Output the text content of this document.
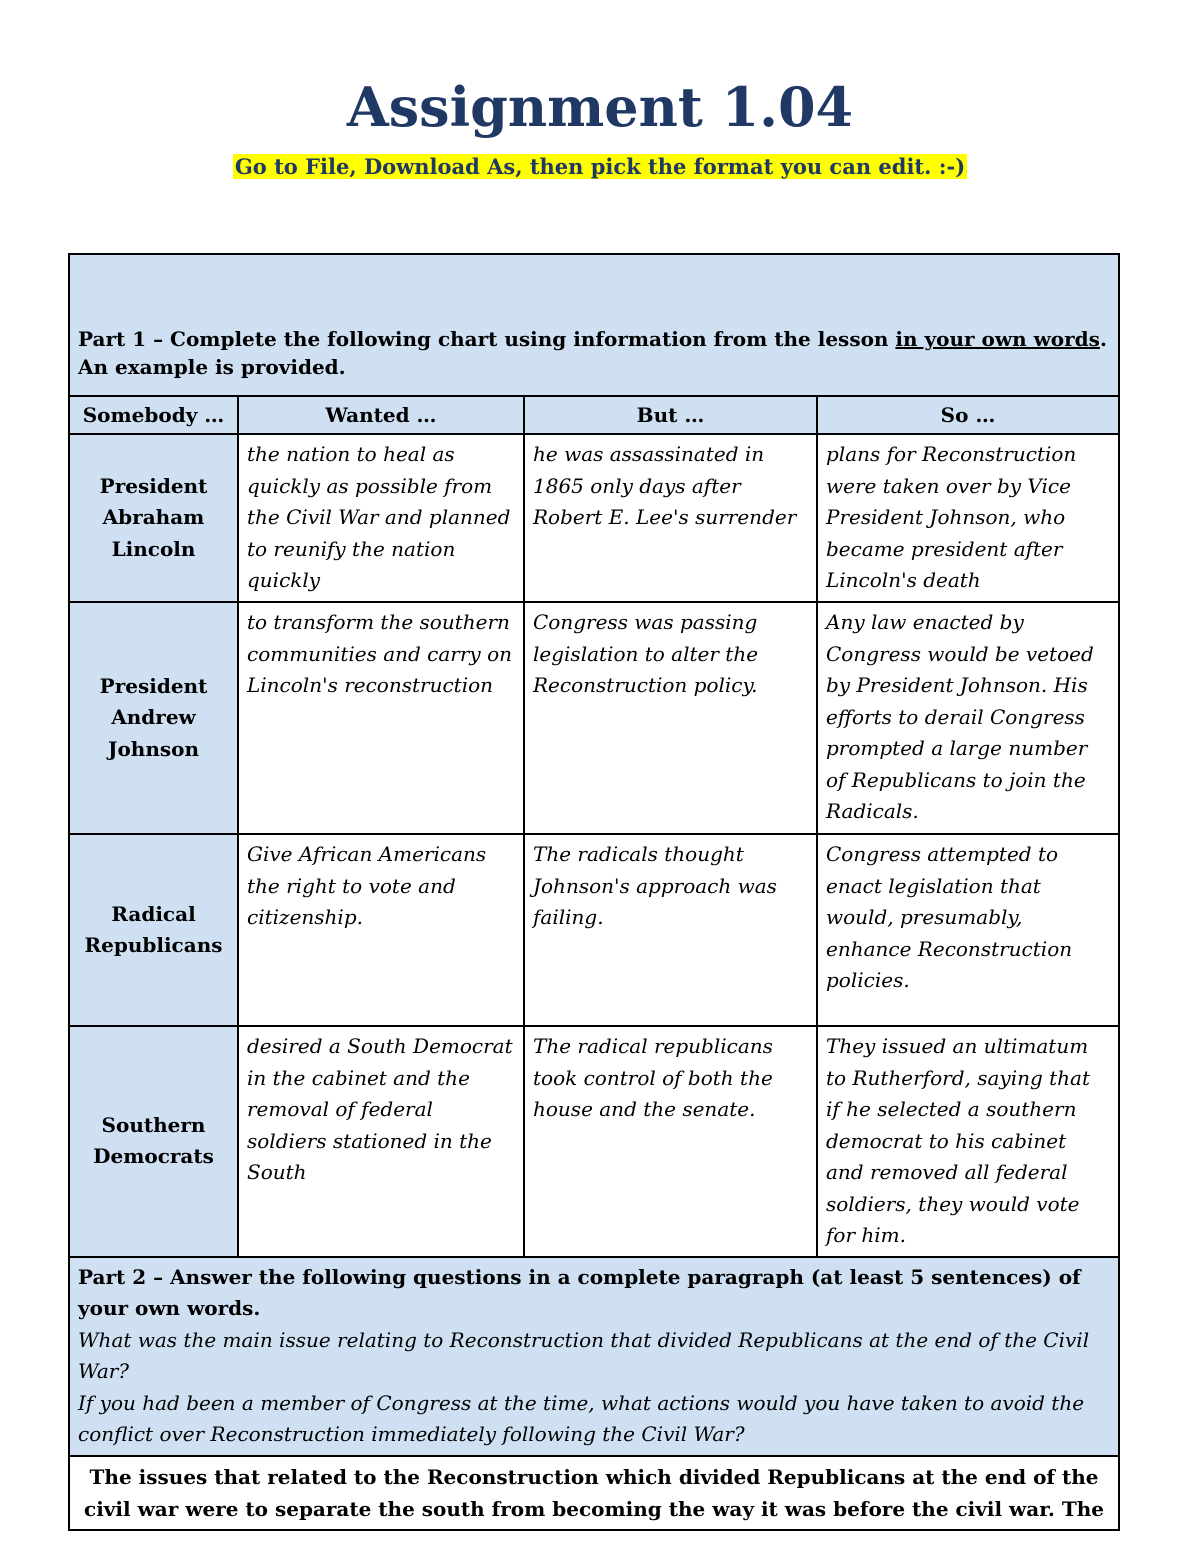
Assignment 1.04
Go to File, Download As, then pick the format you can edit. :-)
Part 1 – Complete the following chart using information from the lesson in your own words. An example is provided.			
Somebody …	Wanted …	But …	So …
President Abraham Lincoln	the nation to heal as quickly as possible from the Civil War and planned to reunify the nation quickly	he was assassinated in 1865 only days after Robert E. Lee's surrender	plans for Reconstruction were taken over by Vice President Johnson, who became president after Lincoln's death
President Andrew Johnson	to transform the southern communities and carry on Lincoln's reconstruction	Congress was passing legislation to alter the Reconstruction policy.	Any law enacted by Congress would be vetoed by President Johnson. His efforts to derail Congress prompted a large number of Republicans to join the Radicals.
Radical Republicans	Give African Americans the right to vote and citizenship.	The radicals thought Johnson's approach was failing.	Congress attempted to enact legislation that would, presumably, enhance Reconstruction policies.
Southern Democrats	desired a South Democrat in the cabinet and the removal of federal soldiers stationed in the South	The radical republicans took control of both the house and the senate.	They issued an ultimatum to Rutherford, saying that if he selected a southern democrat to his cabinet and removed all federal soldiers, they would vote for him.

Part 2 – Answer the following questions in a complete paragraph (at least 5 sentences) of your own words.
What was the main issue relating to Reconstruction that divided Republicans at the end of the Civil War?
If you had been a member of Congress at the time, what actions would you have taken to avoid the conflict over Reconstruction immediately following the Civil War?			

The issues that related to the Reconstruction which divided Republicans at the end of the civil war were to separate the south from becoming the way it was before the civil war. The			
